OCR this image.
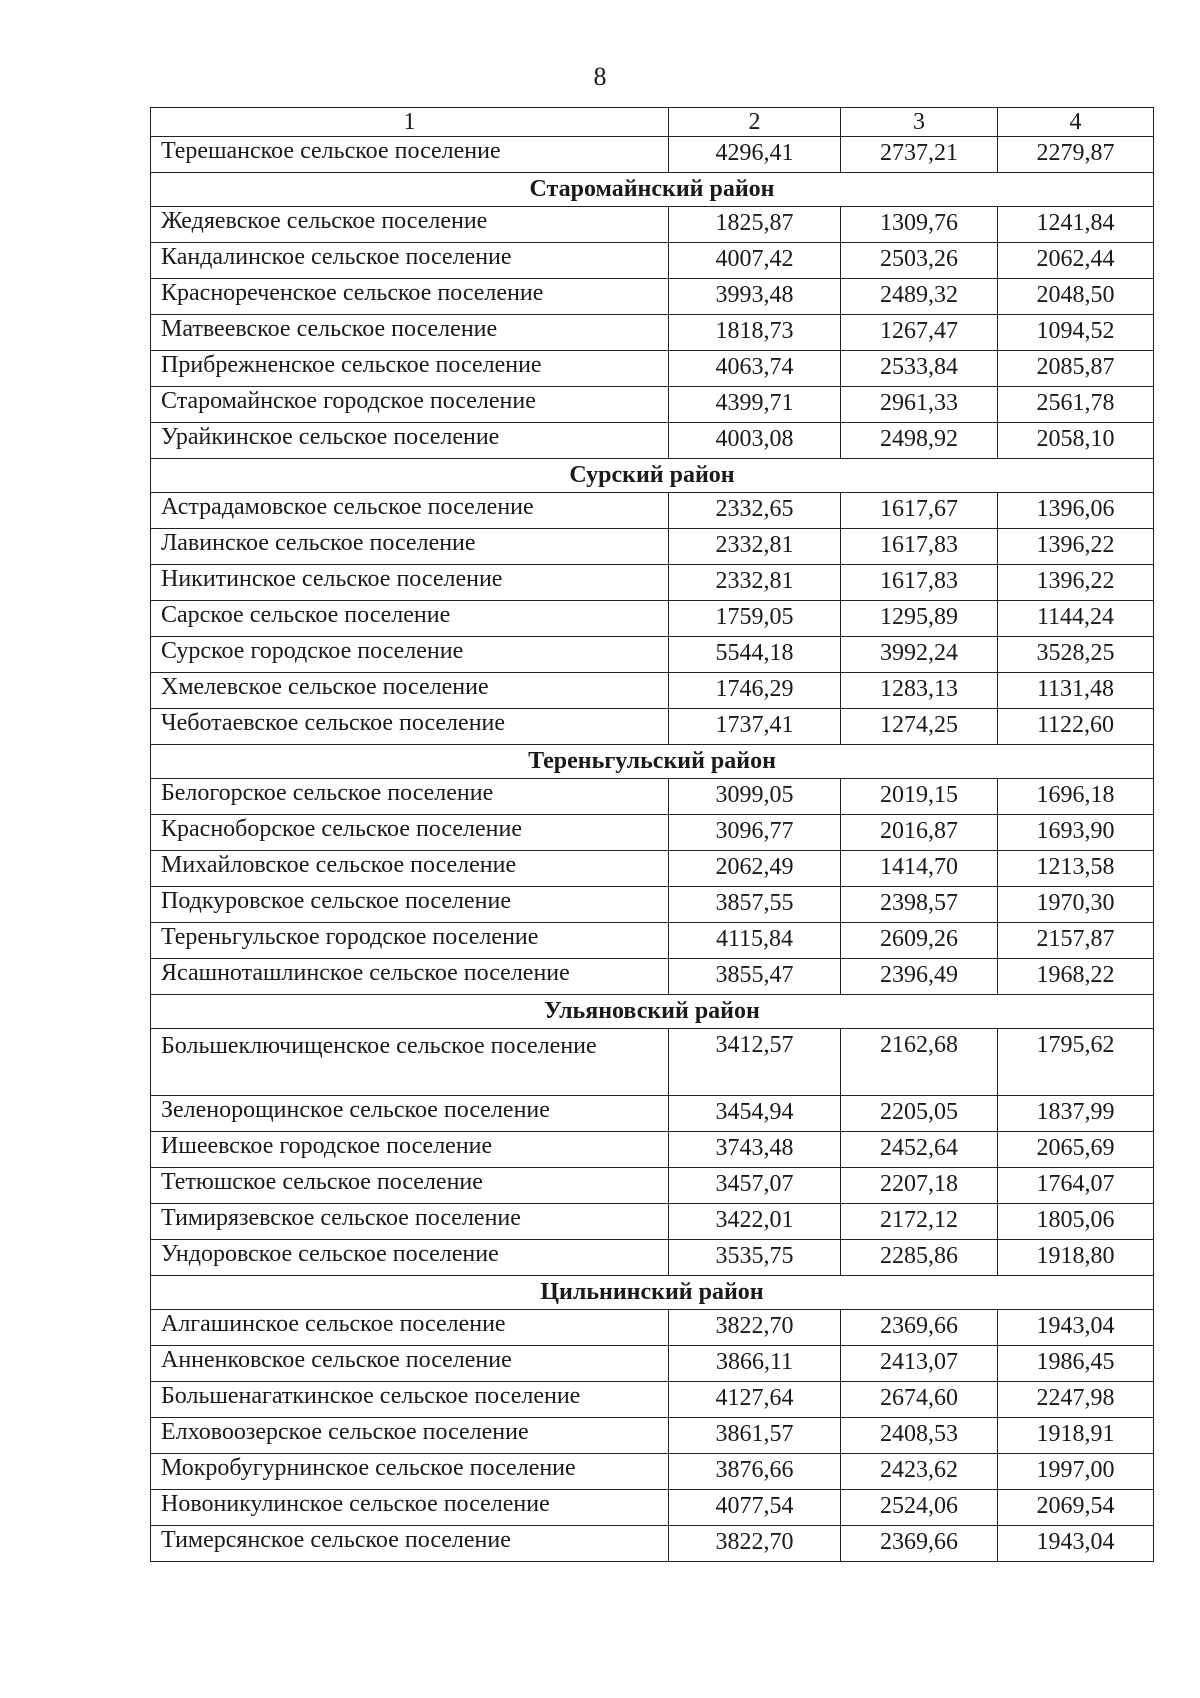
8
1	2	3	4
Терешанское сельское поселение	4296,41	2737,21	2279,87
Старомайнский район			
Жедяевское сельское поселение	1825,87	1309,76	1241,84
Кандалинское сельское поселение	4007,42	2503,26	2062,44
Краснореченское сельское поселение	3993,48	2489,32	2048,50
Матвеевское сельское поселение	1818,73	1267,47	1094,52
Прибрежненское сельское поселение	4063,74	2533,84	2085,87
Старомайнское городское поселение	4399,71	2961,33	2561,78
Урайкинское сельское поселение	4003,08	2498,92	2058,10
Сурский район			
Астрадамовское сельское поселение	2332,65	1617,67	1396,06
Лавинское сельское поселение	2332,81	1617,83	1396,22
Никитинское сельское поселение	2332,81	1617,83	1396,22
Сарское сельское поселение	1759,05	1295,89	1144,24
Сурское городское поселение	5544,18	3992,24	3528,25
Хмелевское сельское поселение	1746,29	1283,13	1131,48
Чеботаевское сельское поселение	1737,41	1274,25	1122,60
Тереньгульский район			
Белогорское сельское поселение	3099,05	2019,15	1696,18
Красноборское сельское поселение	3096,77	2016,87	1693,90
Михайловское сельское поселение	2062,49	1414,70	1213,58
Подкуровское сельское поселение	3857,55	2398,57	1970,30
Тереньгульское городское поселение	4115,84	2609,26	2157,87
Ясашноташлинское сельское поселение	3855,47	2396,49	1968,22
Ульяновский район			
Большеключищенское сельское поселение	3412,57	2162,68	1795,62
Зеленорощинское сельское поселение	3454,94	2205,05	1837,99
Ишеевское городское поселение	3743,48	2452,64	2065,69
Тетюшское сельское поселение	3457,07	2207,18	1764,07
Тимирязевское сельское поселение	3422,01	2172,12	1805,06
Ундоровское сельское поселение	3535,75	2285,86	1918,80
Цильнинский район			
Алгашинское сельское поселение	3822,70	2369,66	1943,04
Анненковское сельское поселение	3866,11	2413,07	1986,45
Большенагаткинское сельское поселение	4127,64	2674,60	2247,98
Елховоозерское сельское поселение	3861,57	2408,53	1918,91
Мокробугурнинское сельское поселение	3876,66	2423,62	1997,00
Новоникулинское сельское поселение	4077,54	2524,06	2069,54
Тимерсянское сельское поселение	3822,70	2369,66	1943,04
